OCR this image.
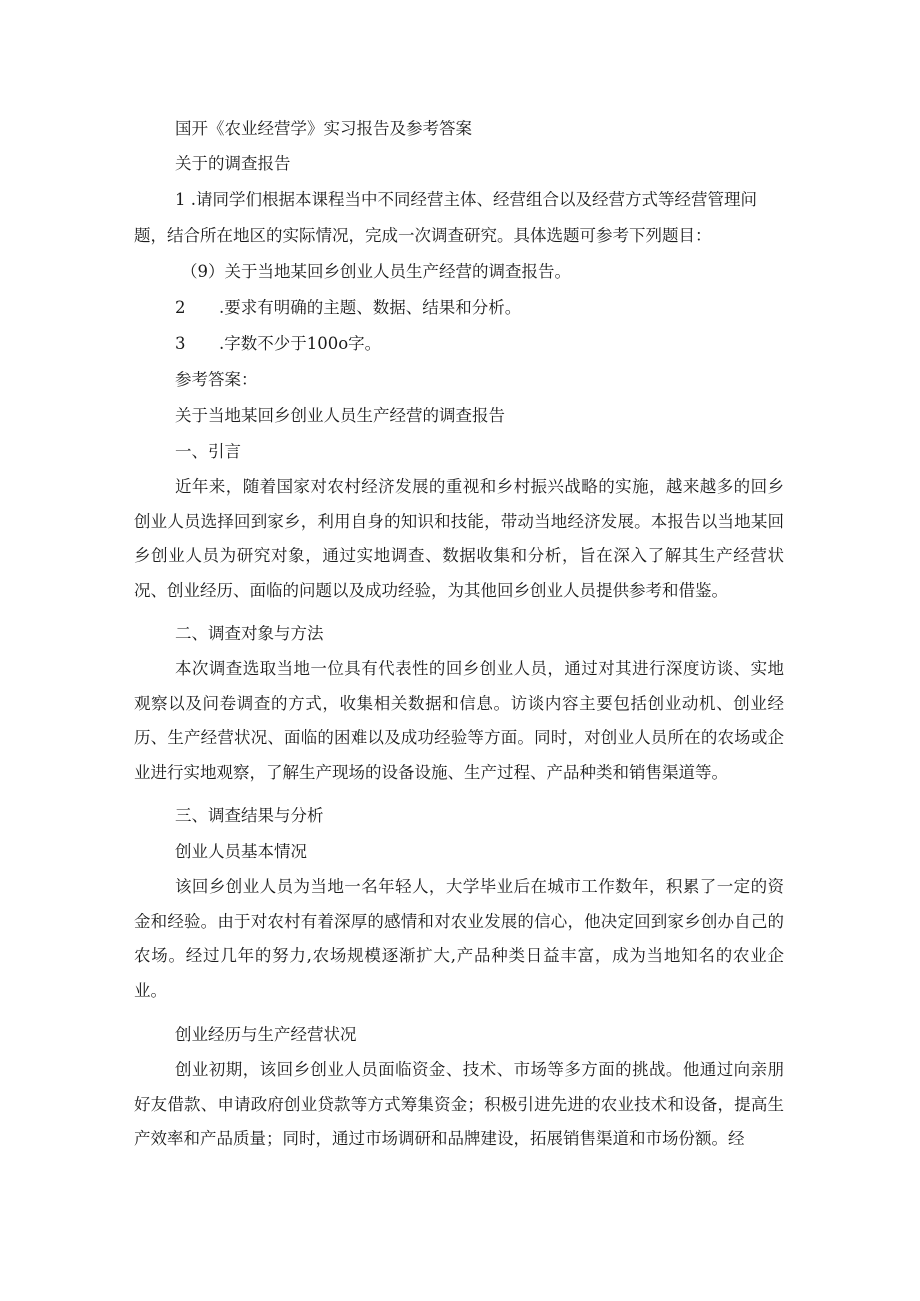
国开《农业经营学》实习报告及参考答案
关于的调查报告
1 .请同学们根据本课程当中不同经营主体、经营组合以及经营方式等经营管理问
题，结合所在地区的实际情况，完成一次调查研究。具体选题可参考下列题目：
（9）关于当地某回乡创业人员生产经营的调查报告。
2 .要求有明确的主题、数据、结果和分析。
3 .字数不少于100o字。
参考答案：
关于当地某回乡创业人员生产经营的调查报告
一、引言
近年来，随着国家对农村经济发展的重视和乡村振兴战略的实施，越来越多的回乡创业人员选择回到家乡，利用自身的知识和技能，带动当地经济发展。本报告以当地某回乡创业人员为研究对象，通过实地调查、数据收集和分析，旨在深入了解其生产经营状况、创业经历、面临的问题以及成功经验，为其他回乡创业人员提供参考和借鉴。
二、调查对象与方法
本次调查选取当地一位具有代表性的回乡创业人员，通过对其进行深度访谈、实地观察以及问卷调查的方式，收集相关数据和信息。访谈内容主要包括创业动机、创业经历、生产经营状况、面临的困难以及成功经验等方面。同时，对创业人员所在的农场或企业进行实地观察，了解生产现场的设备设施、生产过程、产品种类和销售渠道等。
三、调查结果与分析
创业人员基本情况
该回乡创业人员为当地一名年轻人，大学毕业后在城市工作数年，积累了一定的资金和经验。由于对农村有着深厚的感情和对农业发展的信心，他决定回到家乡创办自己的农场。经过几年的努力,农场规模逐渐扩大,产品种类日益丰富，成为当地知名的农业企业。
创业经历与生产经营状况
创业初期，该回乡创业人员面临资金、技术、市场等多方面的挑战。他通过向亲朋好友借款、申请政府创业贷款等方式筹集资金；积极引进先进的农业技术和设备，提高生产效率和产品质量；同时，通过市场调研和品牌建设，拓展销售渠道和市场份额。经
